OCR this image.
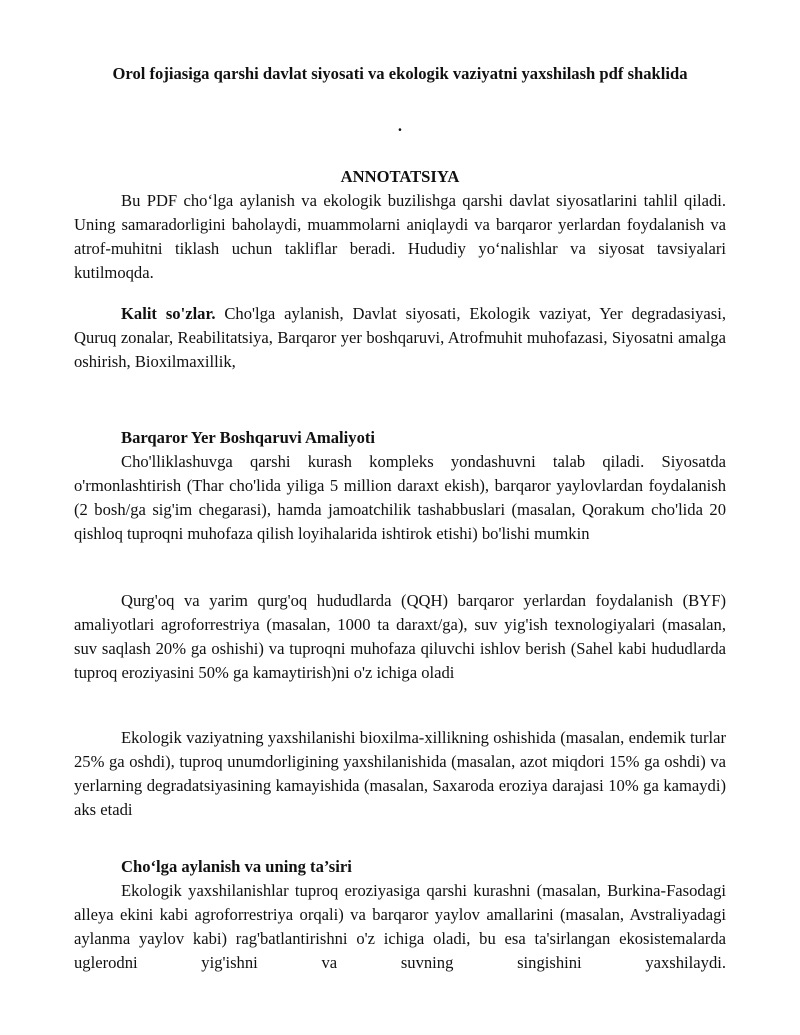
Orol fojiasiga qarshi davlat siyosati va ekologik vaziyatni yaxshilash pdf shaklida
.
ANNOTATSIYA
Bu PDF cho‘lga aylanish va ekologik buzilishga qarshi davlat siyosatlarini tahlil qiladi. Uning samaradorligini baholaydi, muammolarni aniqlaydi va barqaror yerlardan foydalanish va atrof-muhitni tiklash uchun takliflar beradi. Hududiy yo‘nalishlar va siyosat tavsiyalari kutilmoqda.
Kalit so'zlar. Cho'lga aylanish, Davlat siyosati, Ekologik vaziyat, Yer degradasiyasi, Quruq zonalar, Reabilitatsiya, Barqaror yer boshqaruvi, Atrofmuhit muhofazasi, Siyosatni amalga oshirish, Bioxilmaxillik,
Barqaror Yer Boshqaruvi Amaliyoti
Cho'lliklashuvga qarshi kurash kompleks yondashuvni talab qiladi. Siyosatda o'rmonlashtirish (Thar cho'lida yiliga 5 million daraxt ekish), barqaror yaylovlardan foydalanish (2 bosh/ga sig'im chegarasi), hamda jamoatchilik tashabbuslari (masalan, Qorakum cho'lida 20 qishloq tuproqni muhofaza qilish loyihalarida ishtirok etishi) bo'lishi mumkin
Qurg'oq va yarim qurg'oq hududlarda (QQH) barqaror yerlardan foydalanish (BYF) amaliyotlari agroforrestriya (masalan, 1000 ta daraxt/ga), suv yig'ish texnologiyalari (masalan, suv saqlash 20% ga oshishi) va tuproqni muhofaza qiluvchi ishlov berish (Sahel kabi hududlarda tuproq eroziyasini 50% ga kamaytirish)ni o'z ichiga oladi
Ekologik vaziyatning yaxshilanishi bioxilma-xillikning oshishida (masalan, endemik turlar 25% ga oshdi), tuproq unumdorligining yaxshilanishida (masalan, azot miqdori 15% ga oshdi) va yerlarning degradatsiyasining kamayishida (masalan, Saxaroda eroziya darajasi 10% ga kamaydi) aks etadi
Cho‘lga aylanish va uning ta’siri
Ekologik yaxshilanishlar tuproq eroziyasiga qarshi kurashni (masalan, Burkina-Fasodagi alleya ekini kabi agroforrestriya orqali) va barqaror yaylov amallarini (masalan, Avstraliyadagi aylanma yaylov kabi) rag'batlantirishni o'z ichiga oladi, bu esa ta'sirlangan ekosistemalarda uglerodni yig'ishni va suvning singishini yaxshilaydi.
